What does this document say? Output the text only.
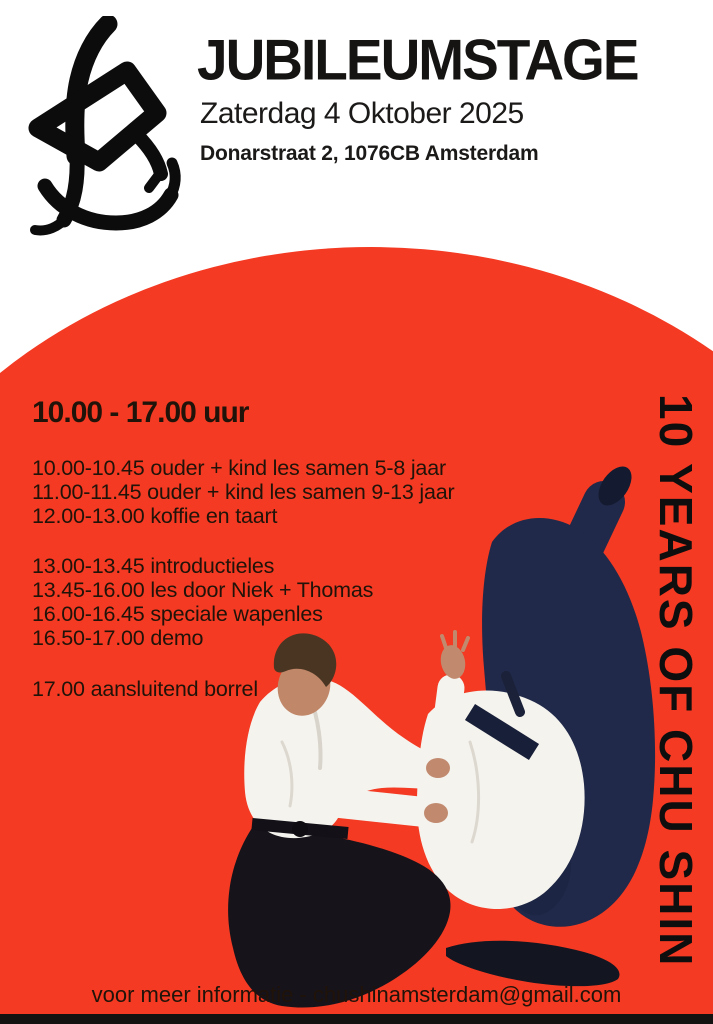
JUBILEUMSTAGE
Zaterdag 4 Oktober 2025
Donarstraat 2, 1076CB Amsterdam
10.00 - 17.00 uur
10.00-10.45 ouder + kind les samen 5-8 jaar
11.00-11.45 ouder + kind les samen 9-13 jaar
12.00-13.00 koffie en taart
13.00-13.45 introductieles
13.45-16.00 les door Niek + Thomas
16.00-16.45 speciale wapenles
16.50-17.00 demo
17.00 aansluitend borrel	10 YEARS OF CHU SHIN
voor meer informatie - chushinamsterdam@gmail.com
